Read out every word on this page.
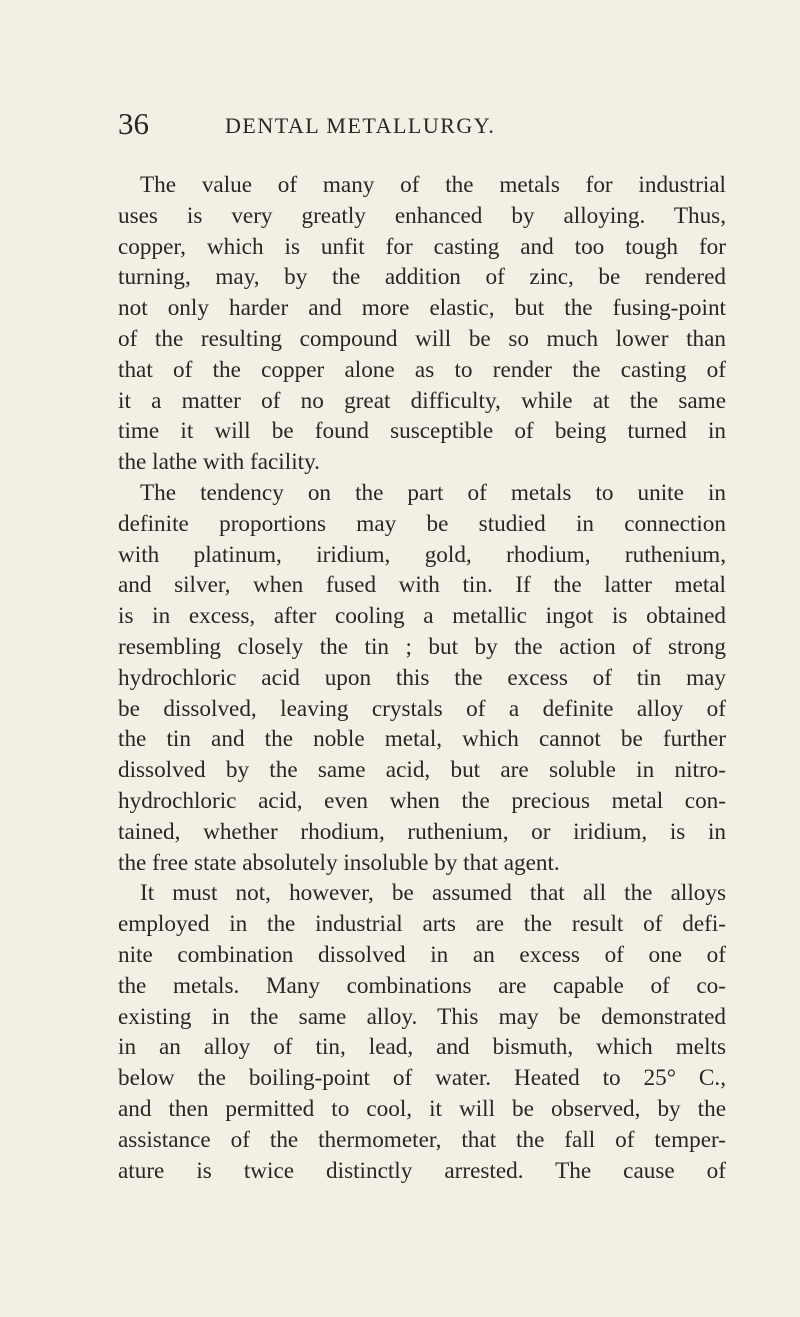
36	DENTAL METALLURGY.
The value of many of the metals for industrial
uses is very greatly enhanced by alloying. Thus,
copper, which is unfit for casting and too tough for
turning, may, by the addition of zinc, be rendered
not only harder and more elastic, but the fusing-point
of the resulting compound will be so much lower than
that of the copper alone as to render the casting of
it a matter of no great difficulty, while at the same
time it will be found susceptible of being turned in
the lathe with facility.
The tendency on the part of metals to unite in
definite proportions may be studied in connection
with platinum, iridium, gold, rhodium, ruthenium,
and silver, when fused with tin. If the latter metal
is in excess, after cooling a metallic ingot is obtained
resembling closely the tin ; but by the action of strong
hydrochloric acid upon this the excess of tin may
be dissolved, leaving crystals of a definite alloy of
the tin and the noble metal, which cannot be further
dissolved by the same acid, but are soluble in nitro-
hydrochloric acid, even when the precious metal con-
tained, whether rhodium, ruthenium, or iridium, is in
the free state absolutely insoluble by that agent.
It must not, however, be assumed that all the alloys
employed in the industrial arts are the result of defi-
nite combination dissolved in an excess of one of
the metals. Many combinations are capable of co-
existing in the same alloy. This may be demonstrated
in an alloy of tin, lead, and bismuth, which melts
below the boiling-point of water. Heated to 25° C.,
and then permitted to cool, it will be observed, by the
assistance of the thermometer, that the fall of temper-
ature is twice distinctly arrested. The cause of
